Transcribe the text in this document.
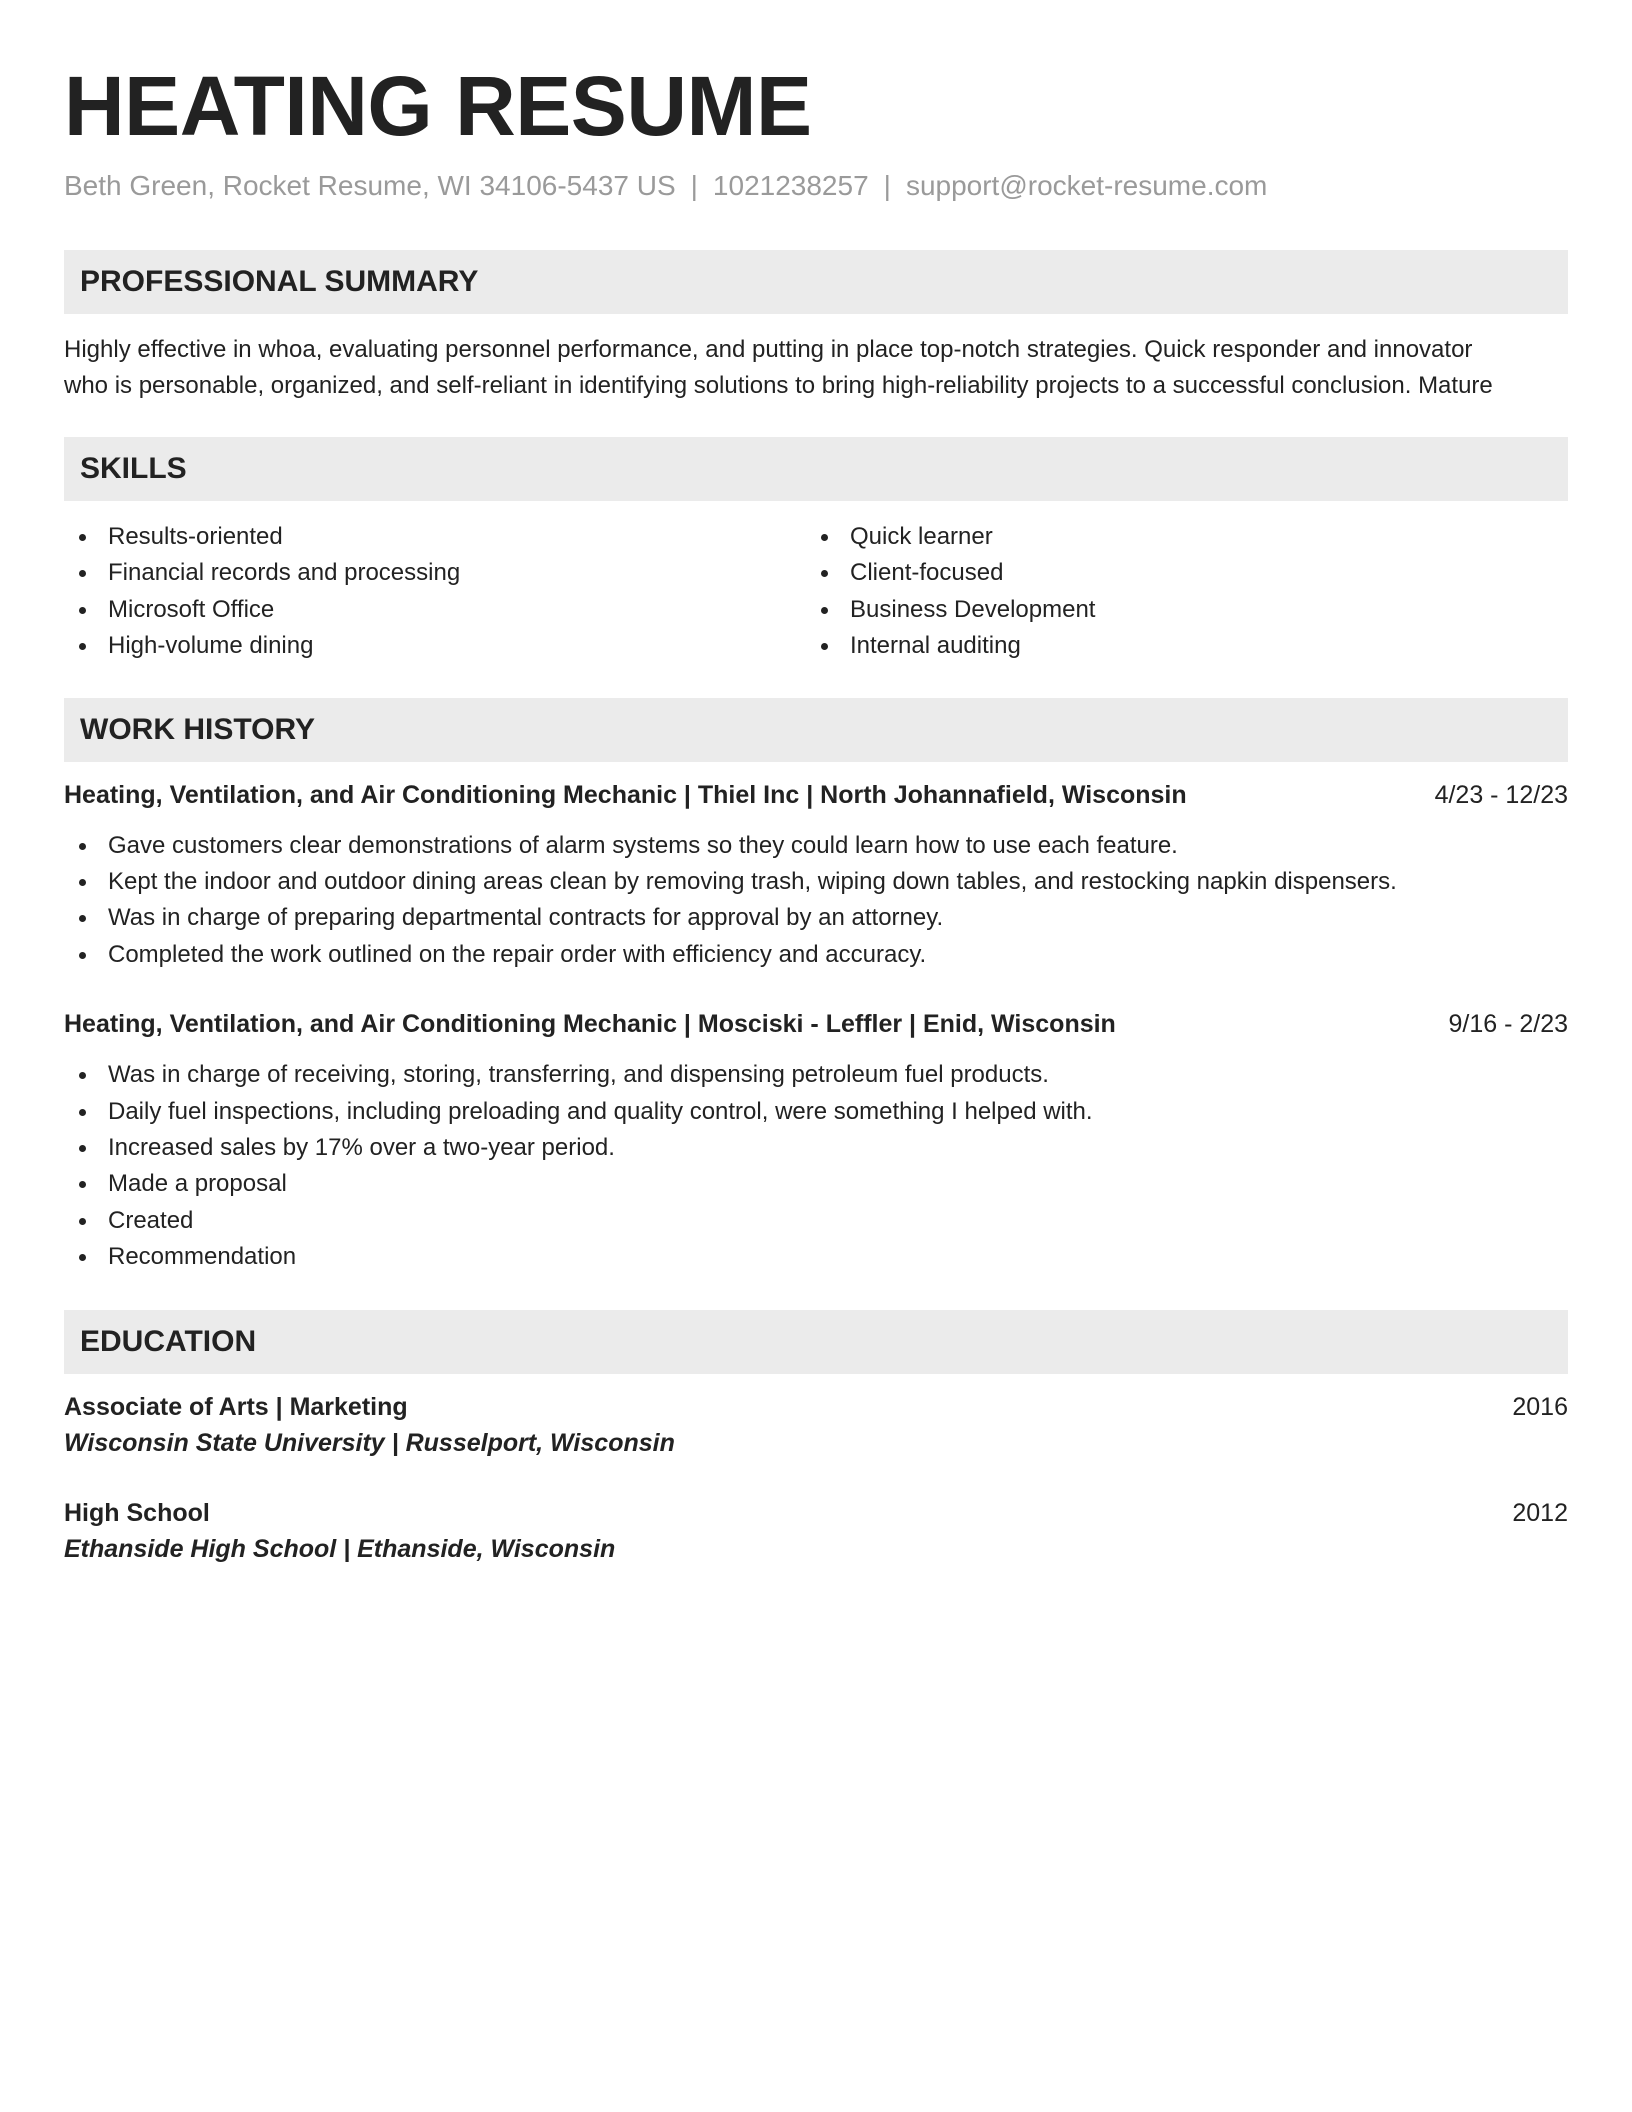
HEATING RESUME
Beth Green, Rocket Resume, WI 34106-5437 US | 1021238257 | support@rocket-resume.com
PROFESSIONAL SUMMARY
Highly effective in whoa, evaluating personnel performance, and putting in place top-notch strategies. Quick responder and innovator
who is personable, organized, and self-reliant in identifying solutions to bring high-reliability projects to a successful conclusion. Mature
SKILLS
Results-oriented
Financial records and processing
Microsoft Office
High-volume dining
Quick learner
Client-focused
Business Development
Internal auditing
WORK HISTORY
Heating, Ventilation, and Air Conditioning Mechanic | Thiel Inc | North Johannafield, Wisconsin	4/23 - 12/23
Gave customers clear demonstrations of alarm systems so they could learn how to use each feature.
Kept the indoor and outdoor dining areas clean by removing trash, wiping down tables, and restocking napkin dispensers.
Was in charge of preparing departmental contracts for approval by an attorney.
Completed the work outlined on the repair order with efficiency and accuracy.
Heating, Ventilation, and Air Conditioning Mechanic | Mosciski - Leffler | Enid, Wisconsin	9/16 - 2/23
Was in charge of receiving, storing, transferring, and dispensing petroleum fuel products.
Daily fuel inspections, including preloading and quality control, were something I helped with.
Increased sales by 17% over a two-year period.
Made a proposal
Created
Recommendation
EDUCATION
Associate of Arts | Marketing	2016
Wisconsin State University | Russelport, Wisconsin
High School	2012
Ethanside High School | Ethanside, Wisconsin
